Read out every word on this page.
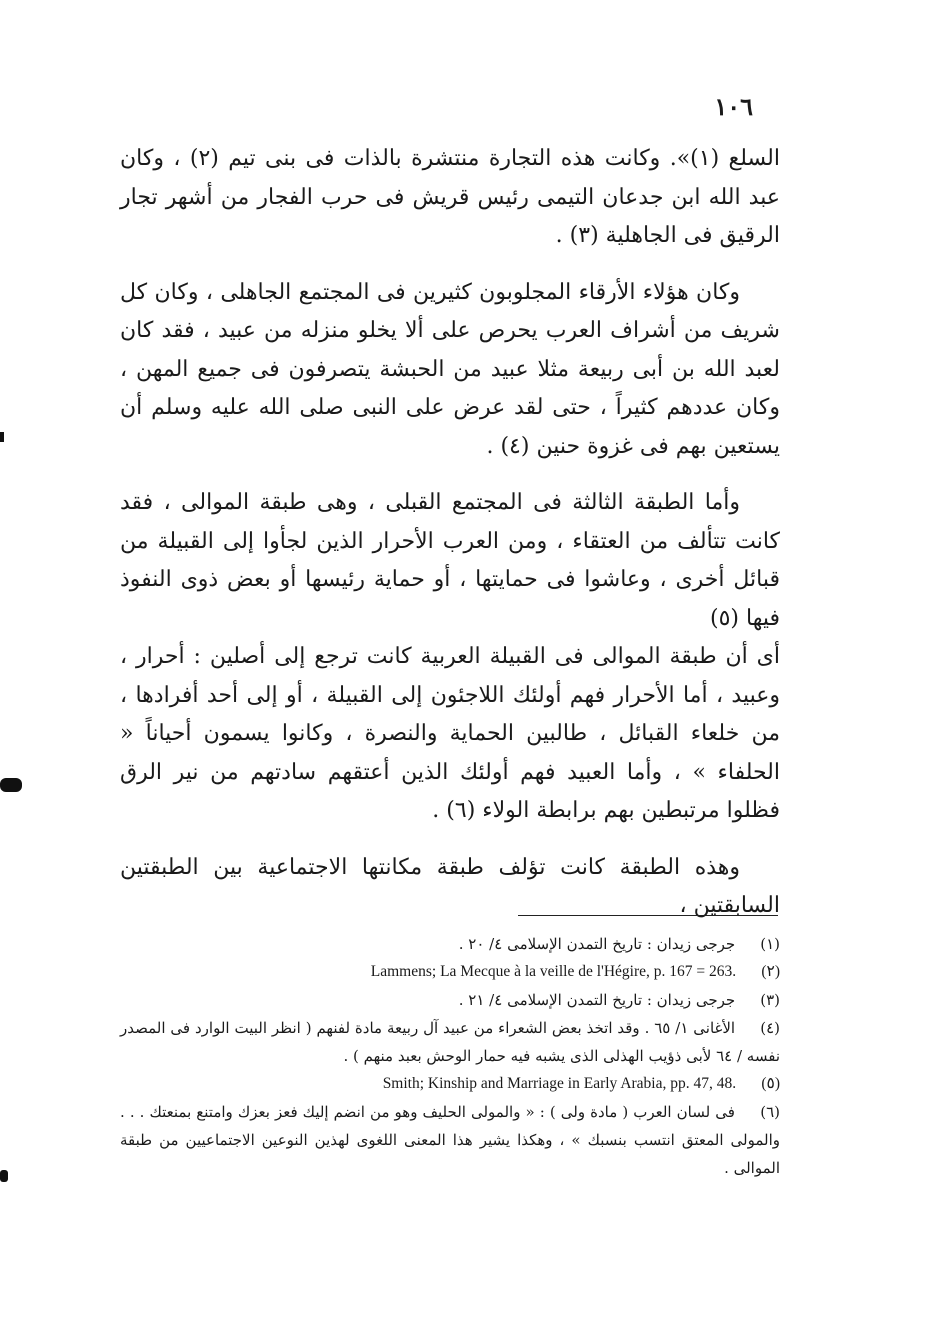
١٠٦

السلع (١)». وكانت هذه التجارة منتشرة بالذات فى بنى تيم (٢) ، وكان عبد الله ابن جدعان التيمى رئيس قريش فى حرب الفجار من أشهر تجار الرقيق فى الجاهلية (٣) .

وكان هؤلاء الأرقاء المجلوبون كثيرين فى المجتمع الجاهلى ، وكان كل شريف من أشراف العرب يحرص على ألا يخلو منزله من عبيد ، فقد كان لعبد الله بن أبى ربيعة مثلا عبيد من الحبشة يتصرفون فى جميع المهن ، وكان عددهم كثيراً ، حتى لقد عرض على النبى صلى الله عليه وسلم أن يستعين بهم فى غزوة حنين (٤) .

وأما الطبقة الثالثة فى المجتمع القبلى ، وهى طبقة الموالى ، فقد كانت تتألف من العتقاء ، ومن العرب الأحرار الذين لجأوا إلى القبيلة من قبائل أخرى ، وعاشوا فى حمايتها ، أو حماية رئيسها أو بعض ذوى النفوذ فيها (٥)

أى أن طبقة الموالى فى القبيلة العربية كانت ترجع إلى أصلين : أحرار ، وعبيد ، أما الأحرار فهم أولئك اللاجئون إلى القبيلة ، أو إلى أحد أفرادها ، من خلعاء القبائل ، طالبين الحماية والنصرة ، وكانوا يسمون أحياناً « الحلفاء » ، وأما العبيد فهم أولئك الذين أعتقهم سادتهم من نير الرق فظلوا مرتبطين بهم برابطة الولاء (٦) .

وهذه الطبقة كانت تؤلف طبقة مكانتها الاجتماعية بين الطبقتين السابقتين ،

(١) جرجى زيدان : تاريخ التمدن الإسلامى ٤/ ٢٠ .

Lammens; La Mecque à la veille de l'Hégire, p. 167 = 263. (٢)

(٣) جرجى زيدان : تاريخ التمدن الإسلامى ٤/ ٢١ .

(٤) الأغانى ١/ ٦٥ . وقد اتخذ بعض الشعراء من عبيد آل ربيعة مادة لفنهم ( انظر البيت الوارد فى المصدر نفسه / ٦٤ لأبى ذؤيب الهذلى الذى يشبه فيه حمار الوحش بعبد منهم ) .

Smith; Kinship and Marriage in Early Arabia, pp. 47, 48. (٥)

(٦) فى لسان العرب ( مادة ولى ) : « والمولى الحليف وهو من انضم إليك فعز بعزك وامتنع بمنعتك . . . والمولى المعتق انتسب بنسبك » ، وهكذا يشير هذا المعنى اللغوى لهذين النوعين الاجتماعيين من طبقة الموالى .
